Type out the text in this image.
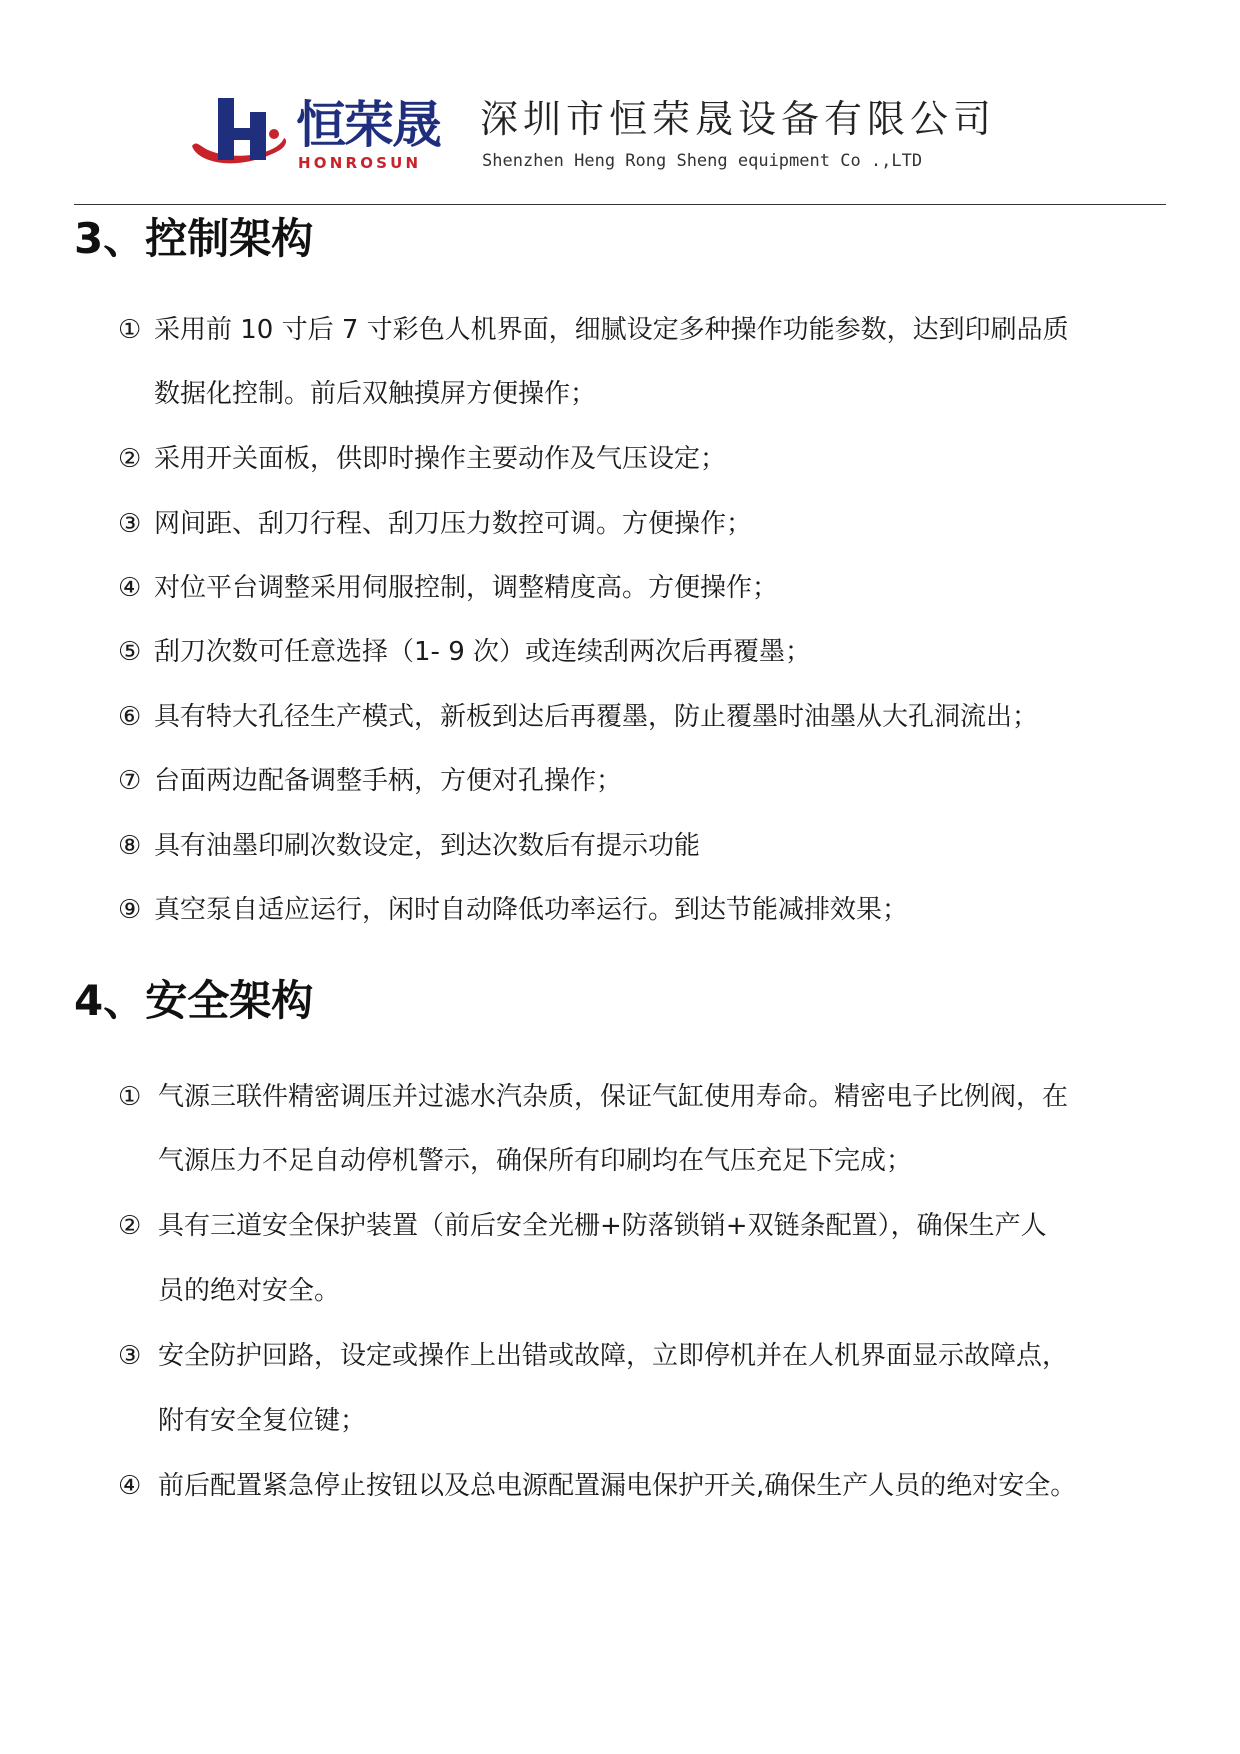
恒荣晟
HONROSUN
深圳市恒荣晟设备有限公司
Shenzhen Heng Rong Sheng equipment Co .,LTD
3、控制架构
① 采用前 10 寸后 7 寸彩色人机界面，细腻设定多种操作功能参数，达到印刷品质
数据化控制。前后双触摸屏方便操作；
② 采用开关面板，供即时操作主要动作及气压设定；
③ 网间距、刮刀行程、刮刀压力数控可调。方便操作；
④ 对位平台调整采用伺服控制，调整精度高。方便操作；
⑤ 刮刀次数可任意选择（1- 9 次）或连续刮两次后再覆墨；
⑥ 具有特大孔径生产模式，新板到达后再覆墨，防止覆墨时油墨从大孔洞流出；
⑦ 台面两边配备调整手柄，方便对孔操作；
⑧ 具有油墨印刷次数设定，到达次数后有提示功能
⑨ 真空泵自适应运行，闲时自动降低功率运行。到达节能减排效果；
4、安全架构
① 气源三联件精密调压并过滤水汽杂质，保证气缸使用寿命。精密电子比例阀，在
气源压力不足自动停机警示，确保所有印刷均在气压充足下完成；
② 具有三道安全保护装置（前后安全光栅+防落锁销+双链条配置），确保生产人
员的绝对安全。
③ 安全防护回路，设定或操作上出错或故障，立即停机并在人机界面显示故障点，
附有安全复位键；
④ 前后配置紧急停止按钮以及总电源配置漏电保护开关,确保生产人员的绝对安全。
